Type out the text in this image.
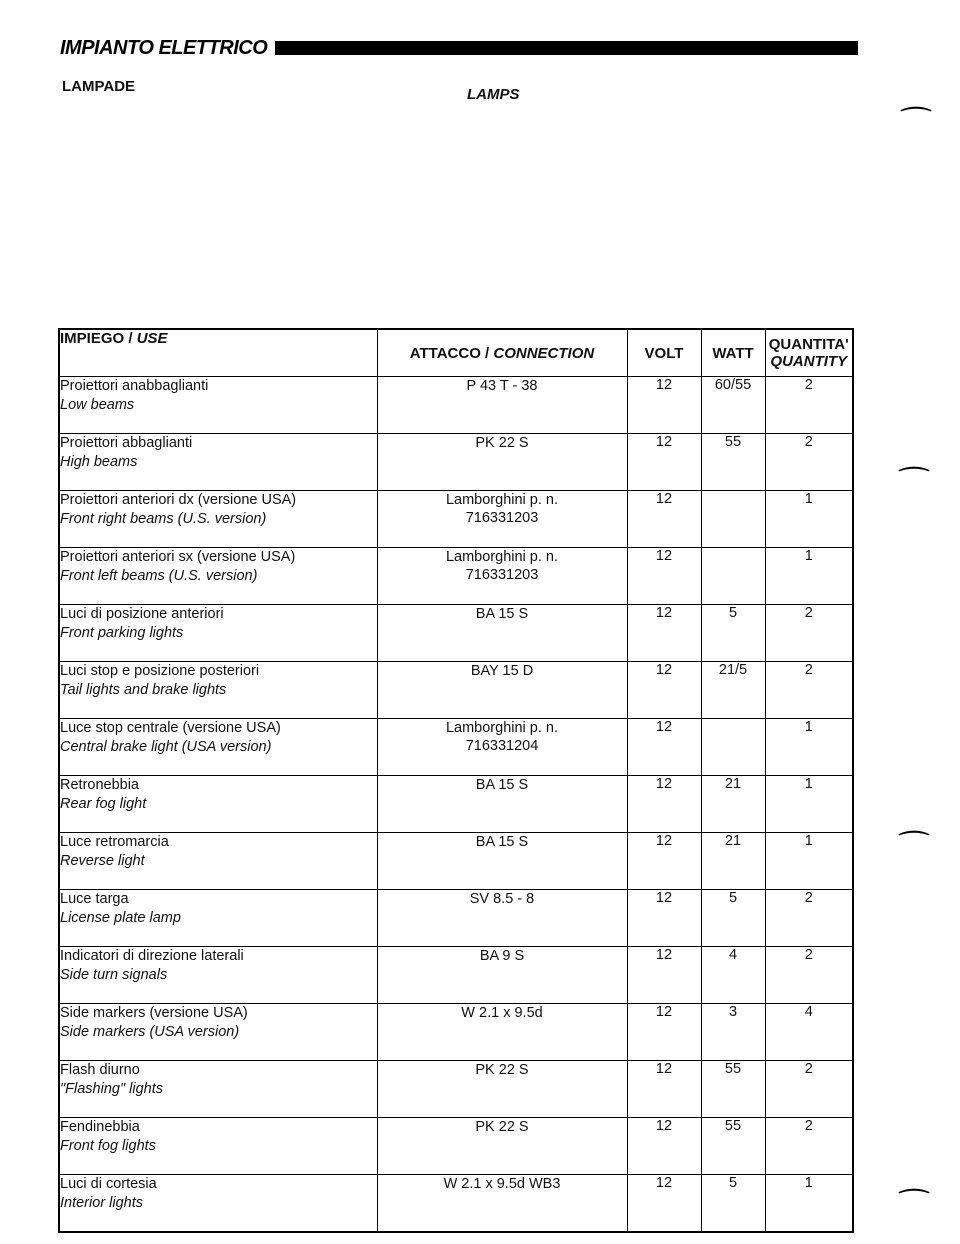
IMPIANTO ELETTRICO
LAMPADE	LAMPS
⌒
⌒
⌒
⌒
IMPIEGO / USE	ATTACCO / CONNECTION	VOLT	WATT	QUANTITA'
QUANTITY

Proiettori anabbaglianti
Low beams	P 43 T - 38	12	60/55	2

Proiettori abbaglianti
High beams	PK 22 S	12	55	2

Proiettori anteriori dx (versione USA)
Front right beams (U.S. version)	Lamborghini p. n.
716331203	12		1

Proiettori anteriori sx (versione USA)
Front left beams (U.S. version)	Lamborghini p. n.
716331203	12		1

Luci di posizione anteriori
Front parking lights	BA 15 S	12	5	2

Luci stop e posizione posteriori
Tail lights and brake lights	BAY 15 D	12	21/5	2

Luce stop centrale (versione USA)
Central brake light (USA version)	Lamborghini p. n.
716331204	12		1

Retronebbia
Rear fog light	BA 15 S	12	21	1

Luce retromarcia
Reverse light	BA 15 S	12	21	1

Luce targa
License plate lamp	SV 8.5 - 8	12	5	2

Indicatori di direzione laterali
Side turn signals	BA 9 S	12	4	2

Side markers (versione USA)
Side markers (USA version)	W 2.1 x 9.5d	12	3	4

Flash diurno
"Flashing" lights	PK 22 S	12	55	2

Fendinebbia
Front fog lights	PK 22 S	12	55	2

Luci di cortesia
Interior lights	W 2.1 x 9.5d WB3	12	5	1
